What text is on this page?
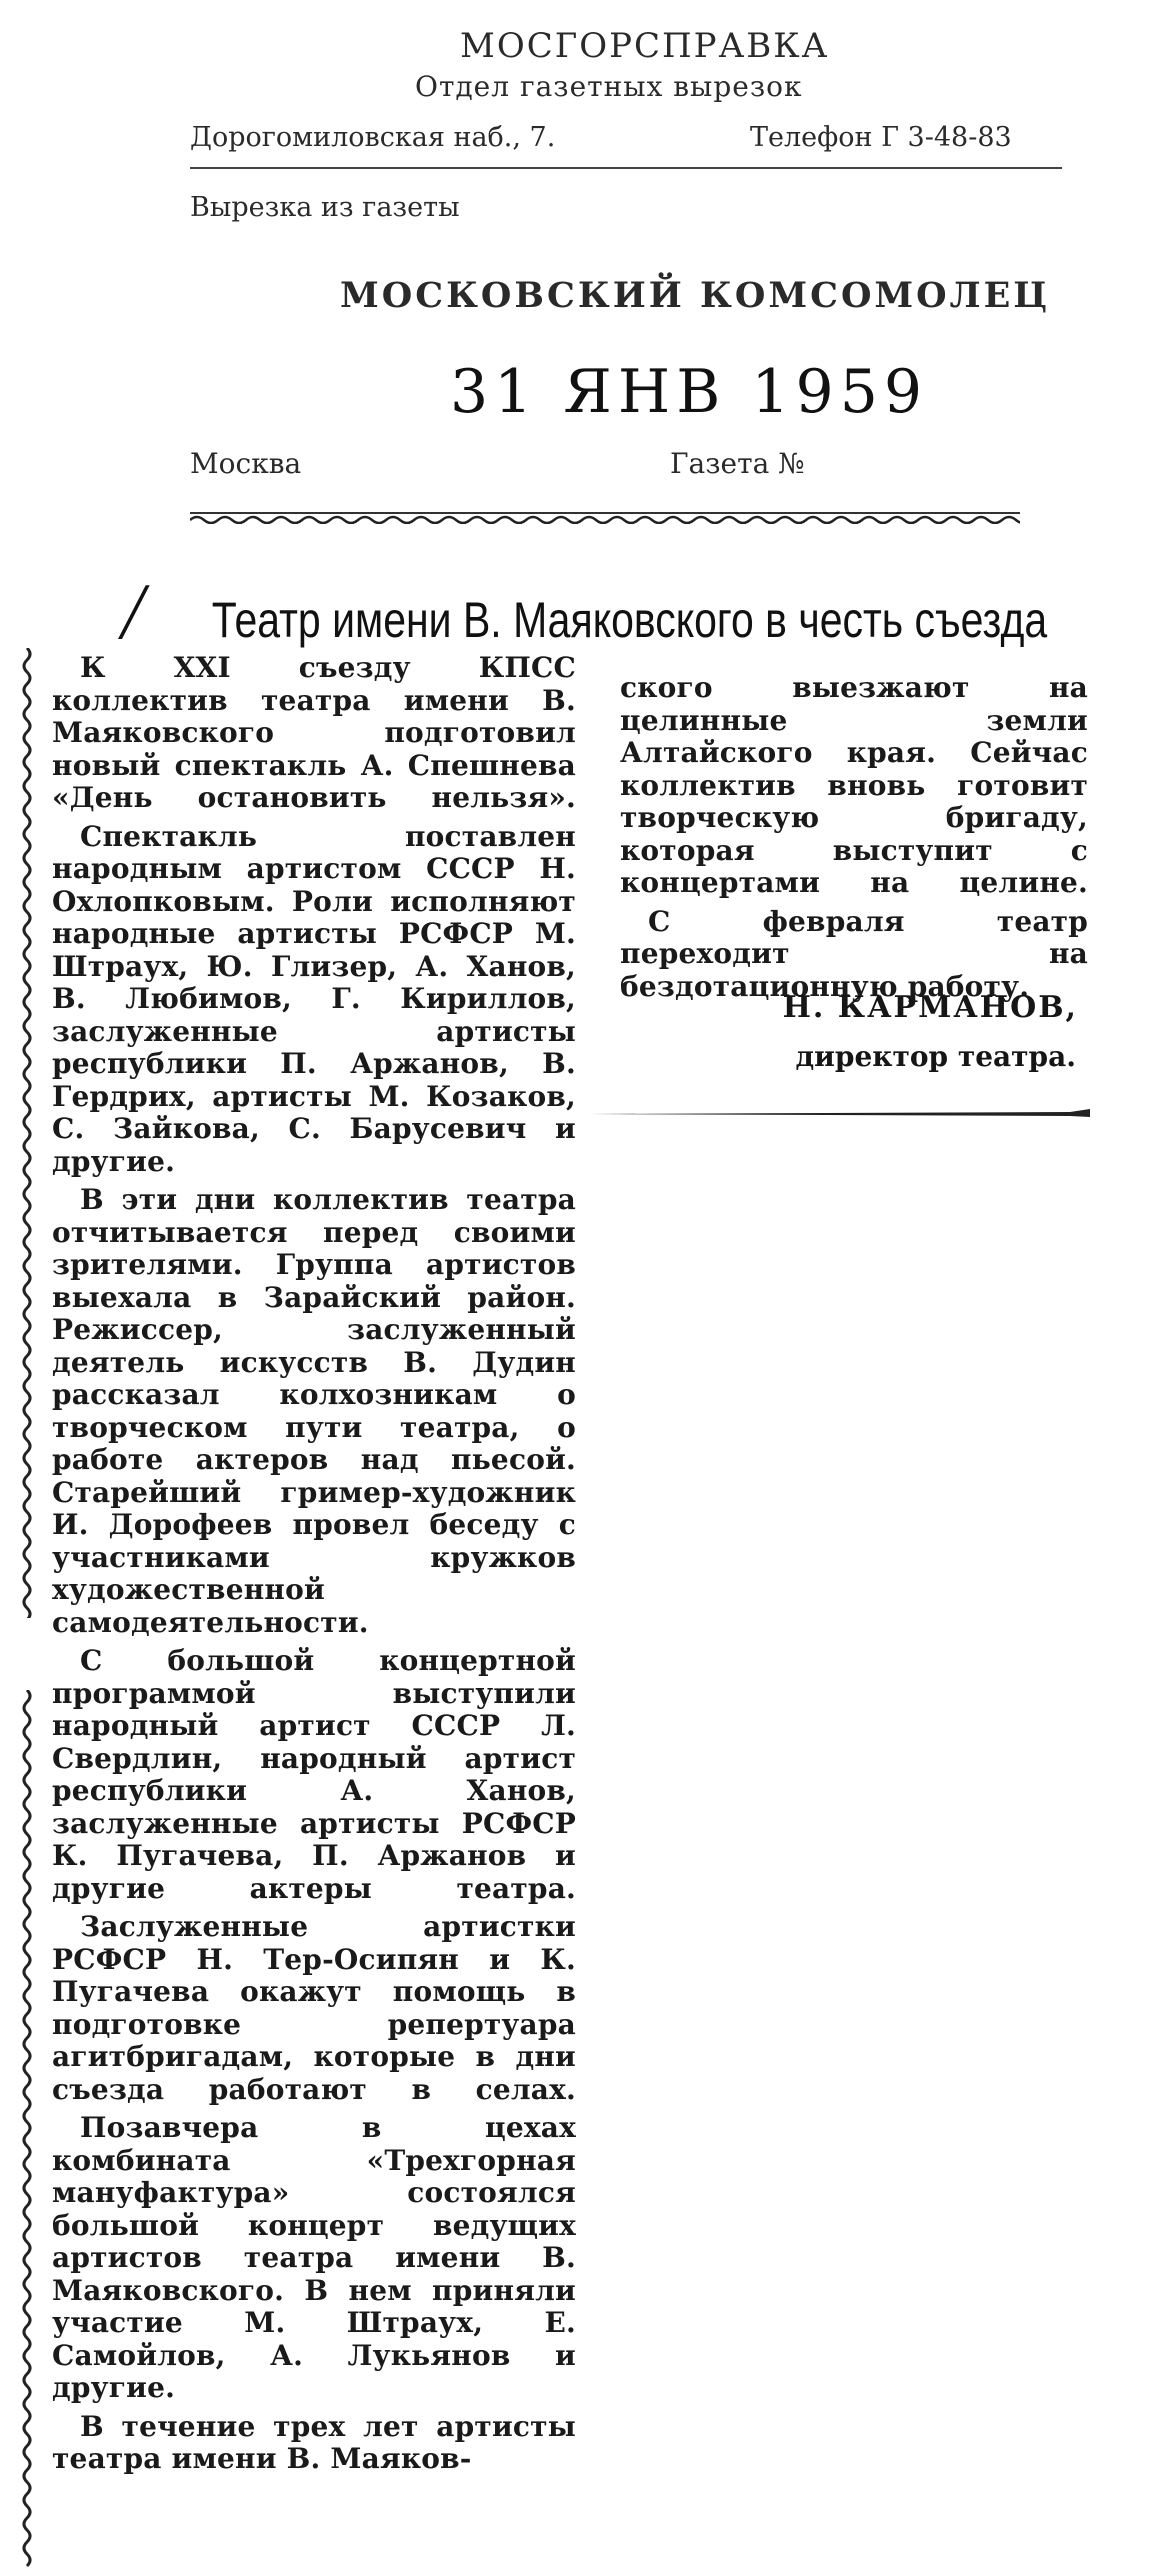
МОСГОРСПРАВКА
Отдел газетных вырезок
Дорогомиловская наб., 7.	Телефон Г 3-48-83
Вырезка из газеты
МОСКОВСКИЙ КОМСОМОЛЕЦ
31 ЯНВ 1959
Москва	Газета №
╱ Театр имени В. Маяковского в честь съезда

К XXI съезду КПСС коллектив театра имени В. Маяковского подготовил новый спектакль А. Спешнева «День остановить нельзя».

Спектакль поставлен народным артистом СССР Н. Охлопковым. Роли исполняют народные артисты РСФСР М. Штраух, Ю. Глизер, А. Ханов, В. Любимов, Г. Кириллов, заслуженные артисты республики П. Аржанов, В. Гердрих, артисты М. Козаков, С. Зайкова, С. Барусевич и другие.

В эти дни коллектив театра отчитывается перед своими зрителями. Группа артистов выехала в Зарайский район. Режиссер, заслуженный деятель искусств В. Дудин рассказал колхозникам о творческом пути театра, о работе актеров над пьесой. Старейший гример-художник И. Дорофеев провел беседу с участниками кружков художественной самодеятельности.

С большой концертной программой выступили народный артист СССР Л. Свердлин, народный артист республики А. Ханов, заслуженные артисты РСФСР К. Пугачева, П. Аржанов и другие актеры театра.

Заслуженные артистки РСФСР Н. Тер-Осипян и К. Пугачева окажут помощь в подготовке репертуара агитбригадам, которые в дни съезда работают в селах.

Позавчера в цехах комбината «Трехгорная мануфактура» состоялся большой концерт ведущих артистов театра имени В. Маяковского. В нем приняли участие М. Штраух, Е. Самойлов, А. Лукьянов и другие.

В течение трех лет артисты театра имени В. Маяков-

ского выезжают на целинные земли Алтайского края. Сейчас коллектив вновь готовит творческую бригаду, которая выступит с концертами на целине.

С февраля театр переходит на бездотационную работу.

Н. КАРМАНОВ,
директор театра.
